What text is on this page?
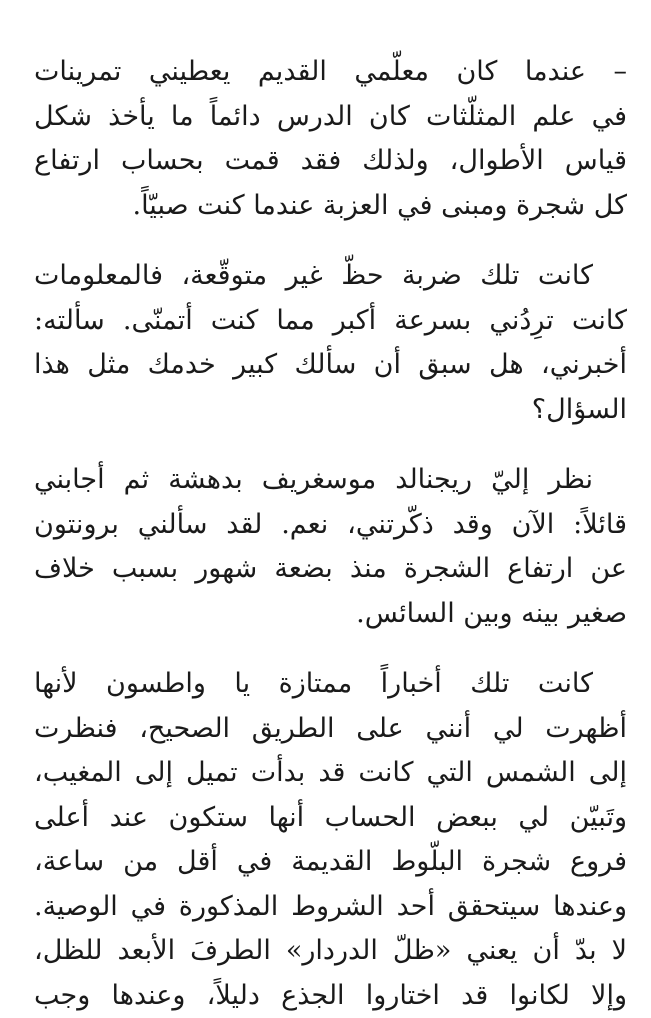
– عندما كان معلّمي القديم يعطيني تمرينات
في علم المثلّثات كان الدرس دائماً ما يأخذ شكل
قياس الأطوال، ولذلك فقد قمت بحساب ارتفاع
كل شجرة ومبنى في العزبة عندما كنت صبيّاً.
كانت تلك ضربة حظّ غير متوقّعة، فالمعلومات
كانت ترِدُني بسرعة أكبر مما كنت أتمنّى. سألته:
أخبرني، هل سبق أن سألك كبير خدمك مثل هذا
السؤال؟
نظر إليّ ريجنالد موسغريف بدهشة ثم أجابني
قائلاً: الآن وقد ذكّرتني، نعم. لقد سألني برونتون
عن ارتفاع الشجرة منذ بضعة شهور بسبب خلاف
صغير بينه وبين السائس.
كانت تلك أخباراً ممتازة يا واطسون لأنها
أظهرت لي أنني على الطريق الصحيح، فنظرت
إلى الشمس التي كانت قد بدأت تميل إلى المغيب،
وتَبيّن لي ببعض الحساب أنها ستكون عند أعلى
فروع شجرة البلّوط القديمة في أقل من ساعة،
وعندها سيتحقق أحد الشروط المذكورة في الوصية.
لا بدّ أن يعني «ظلّ الدردار» الطرفَ الأبعد للظل،
وإلا لكانوا قد اختاروا الجذع دليلاً، وعندها وجب
